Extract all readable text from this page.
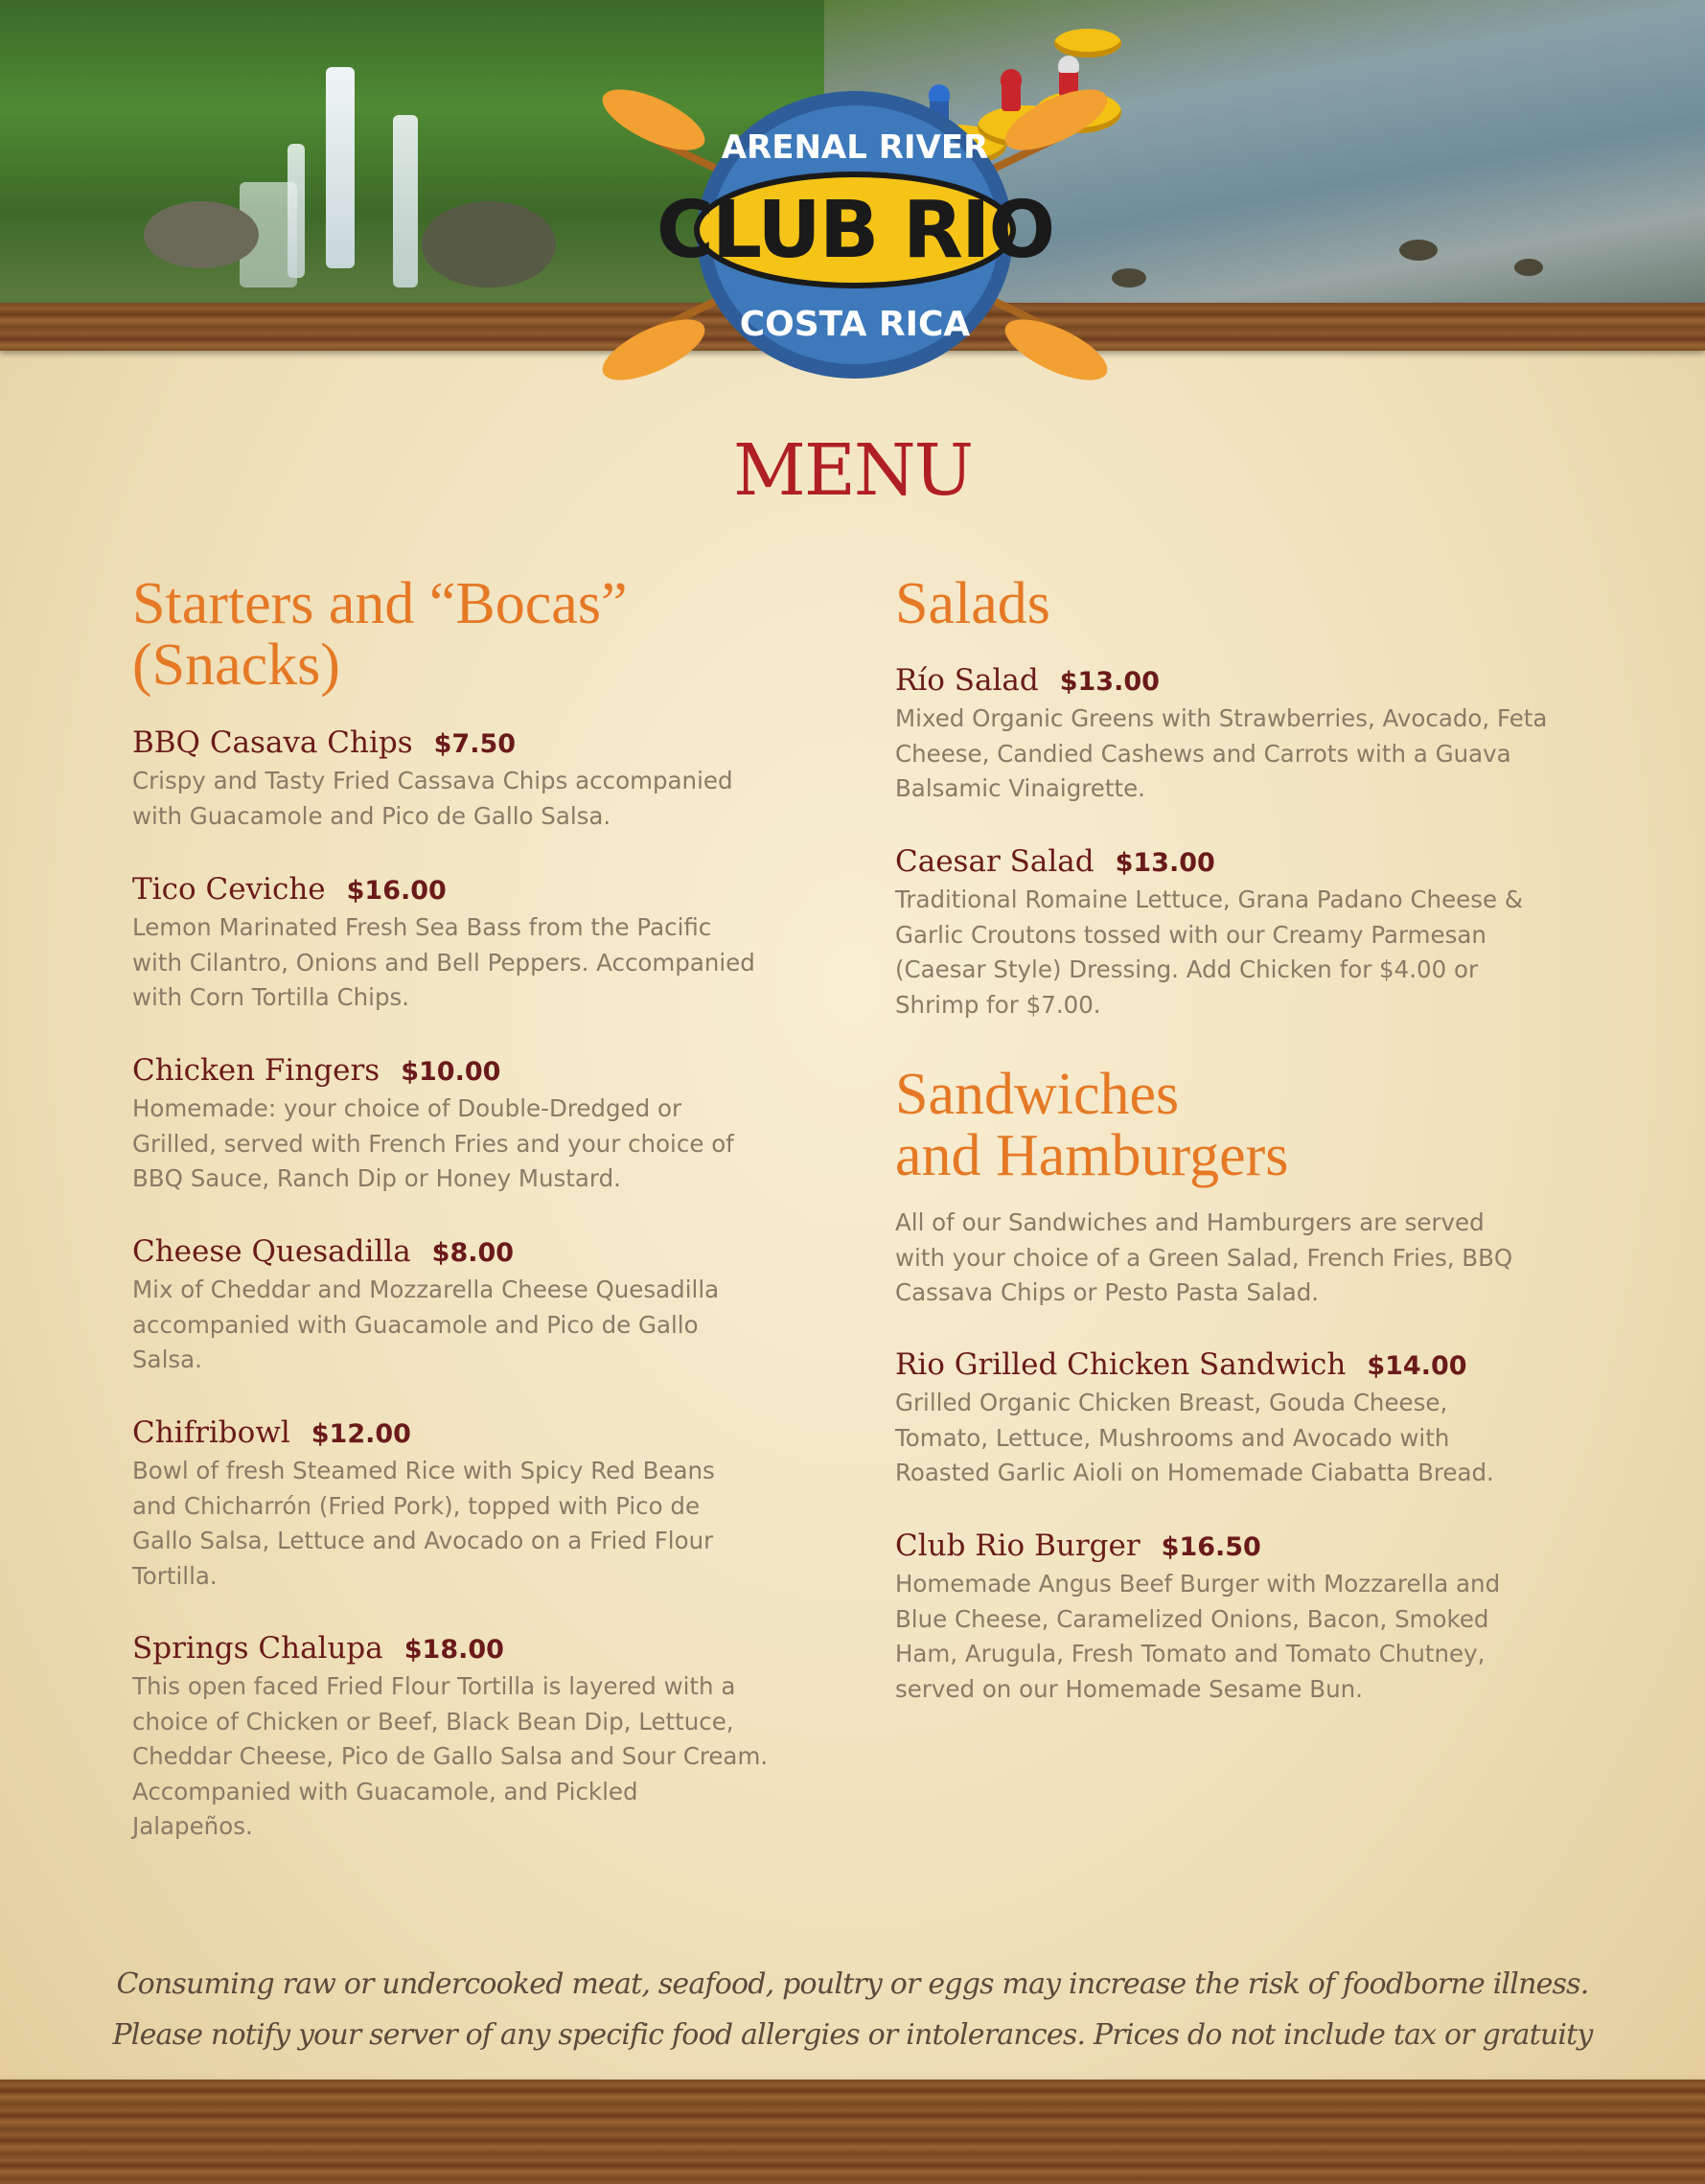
ARENAL RIVER
CLUB RIO
COSTA RICA
MENU

Starters and “Bocas”

(Snacks)

BBQ Casava Chips $7.50

Crispy and Tasty Fried Cassava Chips accompanied
with Guacamole and Pico de Gallo Salsa.

Tico Ceviche $16.00

Lemon Marinated Fresh Sea Bass from the Pacific
with Cilantro, Onions and Bell Peppers. Accompanied
with Corn Tortilla Chips.

Chicken Fingers $10.00

Homemade: your choice of Double-Dredged or
Grilled, served with French Fries and your choice of
BBQ Sauce, Ranch Dip or Honey Mustard.

Cheese Quesadilla $8.00

Mix of Cheddar and Mozzarella Cheese Quesadilla
accompanied with Guacamole and Pico de Gallo
Salsa.

Chifribowl $12.00

Bowl of fresh Steamed Rice with Spicy Red Beans
and Chicharrón (Fried Pork), topped with Pico de
Gallo Salsa, Lettuce and Avocado on a Fried Flour
Tortilla.

Springs Chalupa $18.00

This open faced Fried Flour Tortilla is layered with a
choice of Chicken or Beef, Black Bean Dip, Lettuce,
Cheddar Cheese, Pico de Gallo Salsa and Sour Cream.
Accompanied with Guacamole, and Pickled
Jalapeños.

Salads

Río Salad $13.00

Mixed Organic Greens with Strawberries, Avocado, Feta
Cheese, Candied Cashews and Carrots with a Guava
Balsamic Vinaigrette.

Caesar Salad $13.00

Traditional Romaine Lettuce, Grana Padano Cheese &
Garlic Croutons tossed with our Creamy Parmesan
(Caesar Style) Dressing. Add Chicken for $4.00 or
Shrimp for $7.00.

Sandwiches

and Hamburgers

All of our Sandwiches and Hamburgers are served
with your choice of a Green Salad, French Fries, BBQ
Cassava Chips or Pesto Pasta Salad.

Rio Grilled Chicken Sandwich $14.00

Grilled Organic Chicken Breast, Gouda Cheese,
Tomato, Lettuce, Mushrooms and Avocado with
Roasted Garlic Aioli on Homemade Ciabatta Bread.

Club Rio Burger $16.50

Homemade Angus Beef Burger with Mozzarella and
Blue Cheese, Caramelized Onions, Bacon, Smoked
Ham, Arugula, Fresh Tomato and Tomato Chutney,
served on our Homemade Sesame Bun.

Consuming raw or undercooked meat, seafood, poultry or eggs may increase the risk of foodborne illness.
Please notify your server of any specific food allergies or intolerances. Prices do not include tax or gratuity
